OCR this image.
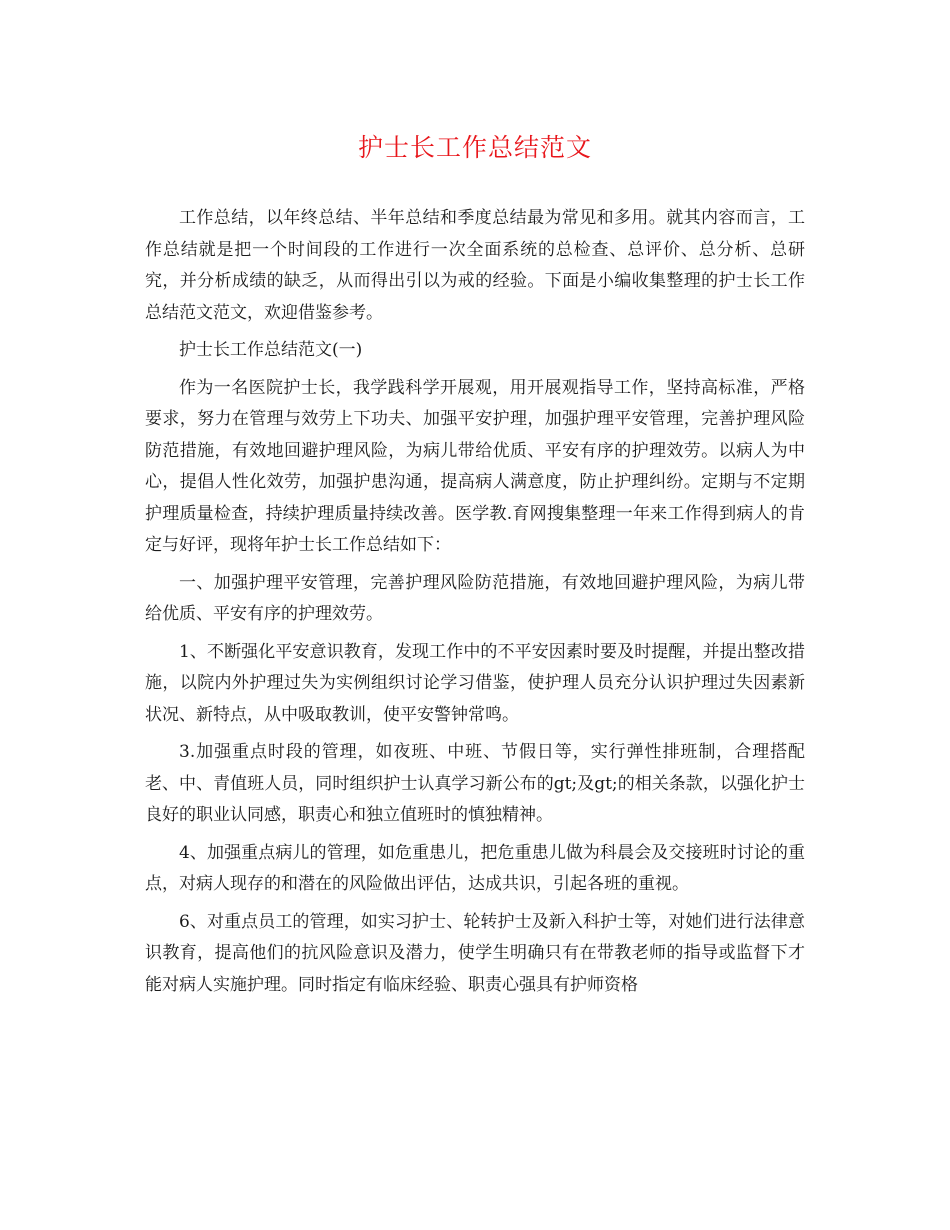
护士长工作总结范文

工作总结，以年终总结、半年总结和季度总结最为常见和多用。就其内容而言，工作总结就是把一个时间段的工作进行一次全面系统的总检查、总评价、总分析、总研究，并分析成绩的缺乏，从而得出引以为戒的经验。下面是小编收集整理的护士长工作总结范文范文，欢迎借鉴参考。

护士长工作总结范文(一)

作为一名医院护士长，我学践科学开展观，用开展观指导工作，坚持高标准，严格要求，努力在管理与效劳上下功夫、加强平安护理，加强护理平安管理，完善护理风险防范措施，有效地回避护理风险，为病儿带给优质、平安有序的护理效劳。以病人为中心，提倡人性化效劳，加强护患沟通，提高病人满意度，防止护理纠纷。定期与不定期护理质量检查，持续护理质量持续改善。医学教.育网搜集整理一年来工作得到病人的肯定与好评，现将年护士长工作总结如下：

一、加强护理平安管理，完善护理风险防范措施，有效地回避护理风险，为病儿带给优质、平安有序的护理效劳。

1、不断强化平安意识教育，发现工作中的不平安因素时要及时提醒，并提出整改措施，以院内外护理过失为实例组织讨论学习借鉴，使护理人员充分认识护理过失因素新状况、新特点，从中吸取教训，使平安警钟常鸣。

3.加强重点时段的管理，如夜班、中班、节假日等，实行弹性排班制，合理搭配老、中、青值班人员，同时组织护士认真学习新公布的gt;及gt;的相关条款，以强化护士良好的职业认同感，职责心和独立值班时的慎独精神。

4、加强重点病儿的管理，如危重患儿，把危重患儿做为科晨会及交接班时讨论的重点，对病人现存的和潜在的风险做出评估，达成共识，引起各班的重视。

6、对重点员工的管理，如实习护士、轮转护士及新入科护士等，对她们进行法律意识教育，提高他们的抗风险意识及潜力，使学生明确只有在带教老师的指导或监督下才能对病人实施护理。同时指定有临床经验、职责心强具有护师资格
